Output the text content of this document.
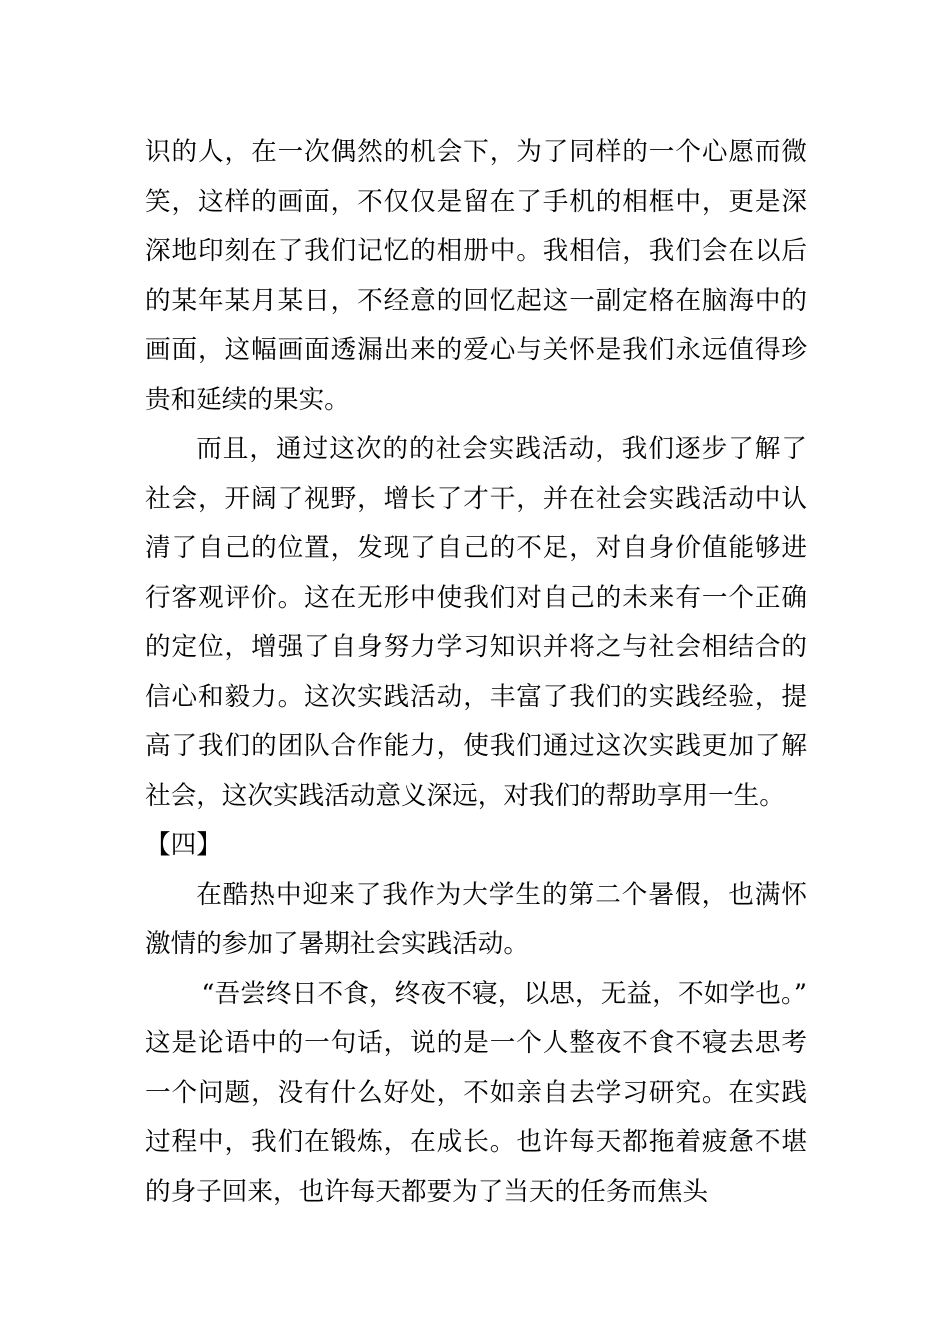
识的人，在一次偶然的机会下，为了同样的一个心愿而微笑，这样的画面，不仅仅是留在了手机的相框中，更是深深地印刻在了我们记忆的相册中。我相信，我们会在以后的某年某月某日，不经意的回忆起这一副定格在脑海中的画面，这幅画面透漏出来的爱心与关怀是我们永远值得珍贵和延续的果实。

而且，通过这次的的社会实践活动，我们逐步了解了社会，开阔了视野，增长了才干，并在社会实践活动中认清了自己的位置，发现了自己的不足，对自身价值能够进行客观评价。这在无形中使我们对自己的未来有一个正确的定位，增强了自身努力学习知识并将之与社会相结合的信心和毅力。这次实践活动，丰富了我们的实践经验，提高了我们的团队合作能力，使我们通过这次实践更加了解社会，这次实践活动意义深远，对我们的帮助享用一生。

【四】

在酷热中迎来了我作为大学生的第二个暑假，也满怀激情的参加了暑期社会实践活动。

“吾尝终日不食，终夜不寝，以思，无益，不如学也。”这是论语中的一句话，说的是一个人整夜不食不寝去思考一个问题，没有什么好处，不如亲自去学习研究。在实践过程中，我们在锻炼，在成长。也许每天都拖着疲惫不堪的身子回来，也许每天都要为了当天的任务而焦头
